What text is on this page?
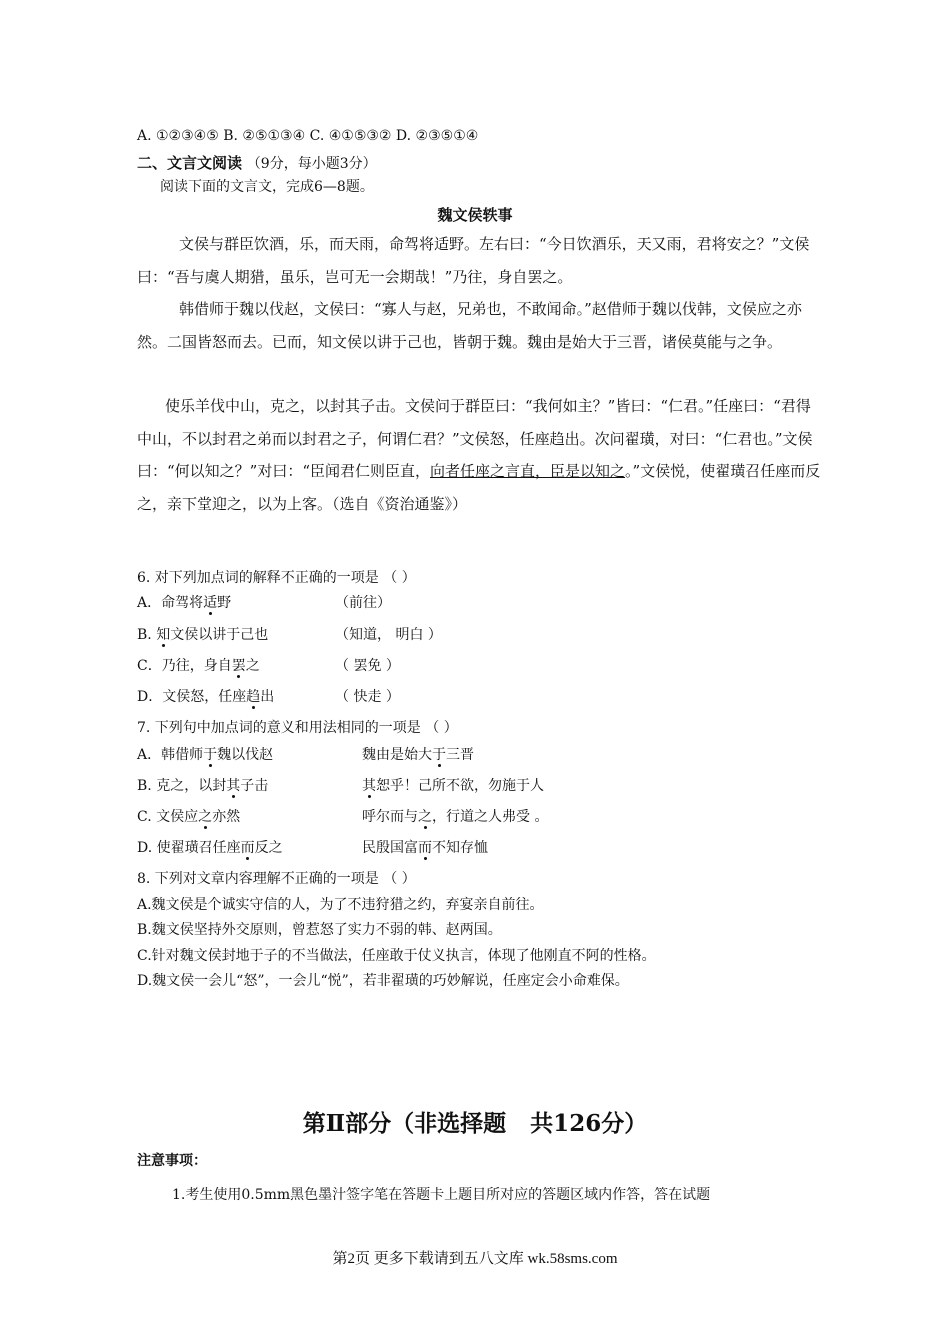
A. ①②③④⑤ B. ②⑤①③④ C. ④①⑤③② D. ②③⑤①④
二、文言文阅读 （9分，每小题3分）
阅读下面的文言文，完成6—8题。
魏文侯轶事

文侯与群臣饮酒，乐，而天雨，命驾将适野。左右曰：“今日饮酒乐，天又雨，君将安之？”文侯曰：“吾与虞人期猎，虽乐，岂可无一会期哉！”乃往，身自罢之。

韩借师于魏以伐赵，文侯曰：“寡人与赵，兄弟也，不敢闻命。”赵借师于魏以伐韩，文侯应之亦然。二国皆怒而去。已而，知文侯以讲于己也，皆朝于魏。魏由是始大于三晋，诸侯莫能与之争。

使乐羊伐中山，克之，以封其子击。文侯问于群臣曰：“我何如主？”皆曰：“仁君。”任座曰：“君得中山，不以封君之弟而以封君之子，何谓仁君？”文侯怒，任座趋出。次问翟璜，对曰：“仁君也。”文侯曰：“何以知之？”对曰：“臣闻君仁则臣直，向者任座之言直，臣是以知之。”文侯悦，使翟璜召任座而反之，亲下堂迎之，以为上客。（选自《资治通鉴》）

6. 对下列加点词的解释不正确的一项是 （ ）
A．命驾将适野	（前往）
B. 知文侯以讲于己也	（知道， 明白 ）
C．乃往，身自罢之	（ 罢免 ）
D．文侯怒，任座趋出	（ 快走 ）
7. 下列句中加点词的意义和用法相同的一项是 （ ）
A．韩借师于魏以伐赵	魏由是始大于三晋
B. 克之，以封其子击	其恕乎！己所不欲，勿施于人
C. 文侯应之亦然	呼尔而与之，行道之人弗受 。
D. 使翟璜召任座而反之	民殷国富而不知存恤
8. 下列对文章内容理解不正确的一项是 （ ）
A.魏文侯是个诚实守信的人，为了不违狩猎之约，弃宴亲自前往。
B.魏文侯坚持外交原则，曾惹怒了实力不弱的韩、赵两国。
C.针对魏文侯封地于子的不当做法，任座敢于仗义执言，体现了他刚直不阿的性格。
D.魏文侯一会儿“怒”，一会儿“悦”，若非翟璜的巧妙解说，任座定会小命难保。
第Ⅱ部分（非选择题   共126分）
注意事项：
1.考生使用0.5mm黑色墨汁签字笔在答题卡上题目所对应的答题区域内作答，答在试题
第2页 更多下载请到五八文库 wk.58sms.com
